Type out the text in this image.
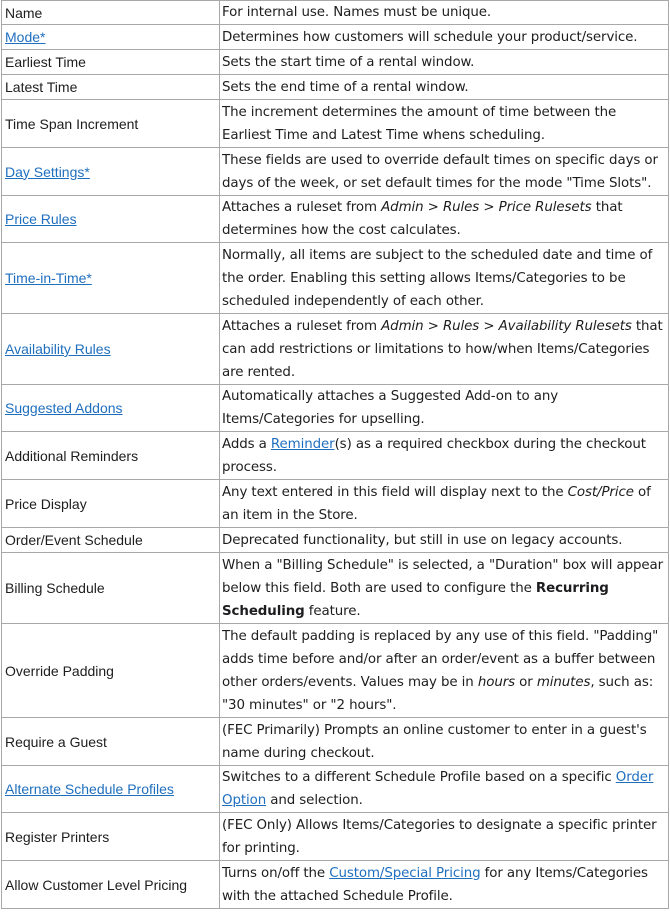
Name	For internal use. Names must be unique.
Mode*	Determines how customers will schedule your product/service.
Earliest Time	Sets the start time of a rental window.
Latest Time	Sets the end time of a rental window.
Time Span Increment	The increment determines the amount of time between the Earliest Time and Latest Time whens scheduling.
Day Settings*	These fields are used to override default times on specific days or days of the week, or set default times for the mode "Time Slots".
Price Rules	Attaches a ruleset from Admin > Rules > Price Rulesets that determines how the cost calculates.
Time-in-Time*	Normally, all items are subject to the scheduled date and time of the order. Enabling this setting allows Items/Categories to be scheduled independently of each other.
Availability Rules	Attaches a ruleset from Admin > Rules > Availability Rulesets that can add restrictions or limitations to how/when Items/Categories are rented.
Suggested Addons	Automatically attaches a Suggested Add-on to any Items/Categories for upselling.
Additional Reminders	Adds a Reminder(s) as a required checkbox during the checkout process.
Price Display	Any text entered in this field will display next to the Cost/Price of an item in the Store.
Order/Event Schedule	Deprecated functionality, but still in use on legacy accounts.
Billing Schedule	When a "Billing Schedule" is selected, a "Duration" box will appear below this field. Both are used to configure the Recurring Scheduling feature.
Override Padding	The default padding is replaced by any use of this field. "Padding" adds time before and/or after an order/event as a buffer between other orders/events. Values may be in hours or minutes, such as: "30 minutes" or "2 hours".
Require a Guest	(FEC Primarily) Prompts an online customer to enter in a guest's name during checkout.
Alternate Schedule Profiles	Switches to a different Schedule Profile based on a specific Order Option and selection.
Register Printers	(FEC Only) Allows Items/Categories to designate a specific printer for printing.
Allow Customer Level Pricing	Turns on/off the Custom/Special Pricing for any Items/Categories with the attached Schedule Profile.
